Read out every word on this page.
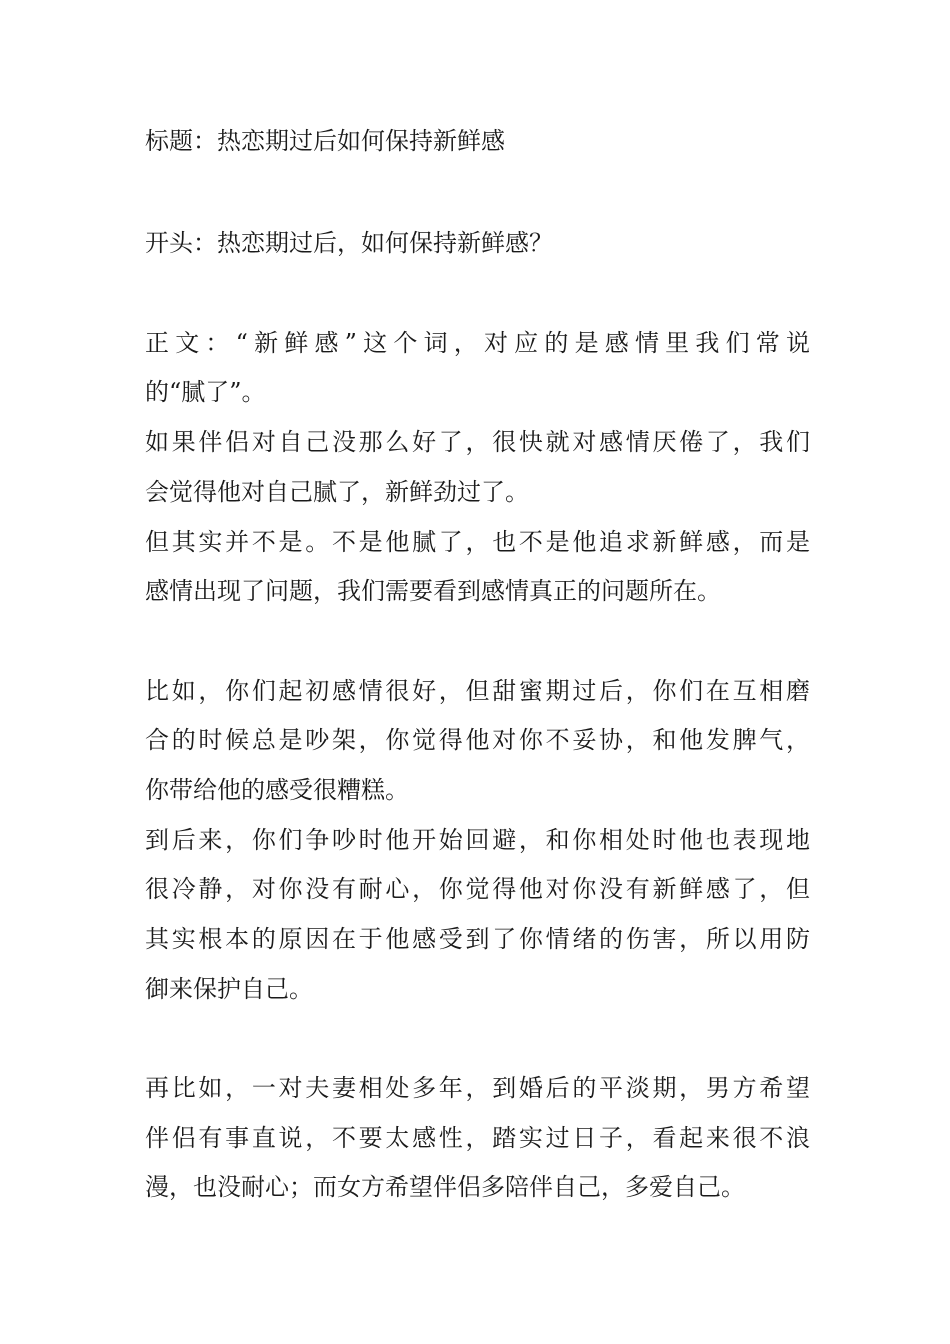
标题：热恋期过后如何保持新鲜感
开头：热恋期过后，如何保持新鲜感？
正文：“新鲜感”这个词，对应的是感情里我们常说
的“腻了”。
如果伴侣对自己没那么好了，很快就对感情厌倦了，我们
会觉得他对自己腻了，新鲜劲过了。
但其实并不是。不是他腻了，也不是他追求新鲜感，而是
感情出现了问题，我们需要看到感情真正的问题所在。
比如，你们起初感情很好，但甜蜜期过后，你们在互相磨
合的时候总是吵架，你觉得他对你不妥协，和他发脾气，
你带给他的感受很糟糕。
到后来，你们争吵时他开始回避，和你相处时他也表现地
很冷静，对你没有耐心，你觉得他对你没有新鲜感了，但
其实根本的原因在于他感受到了你情绪的伤害，所以用防
御来保护自己。
再比如，一对夫妻相处多年，到婚后的平淡期，男方希望
伴侣有事直说，不要太感性，踏实过日子，看起来很不浪
漫，也没耐心；而女方希望伴侣多陪伴自己，多爱自己。
